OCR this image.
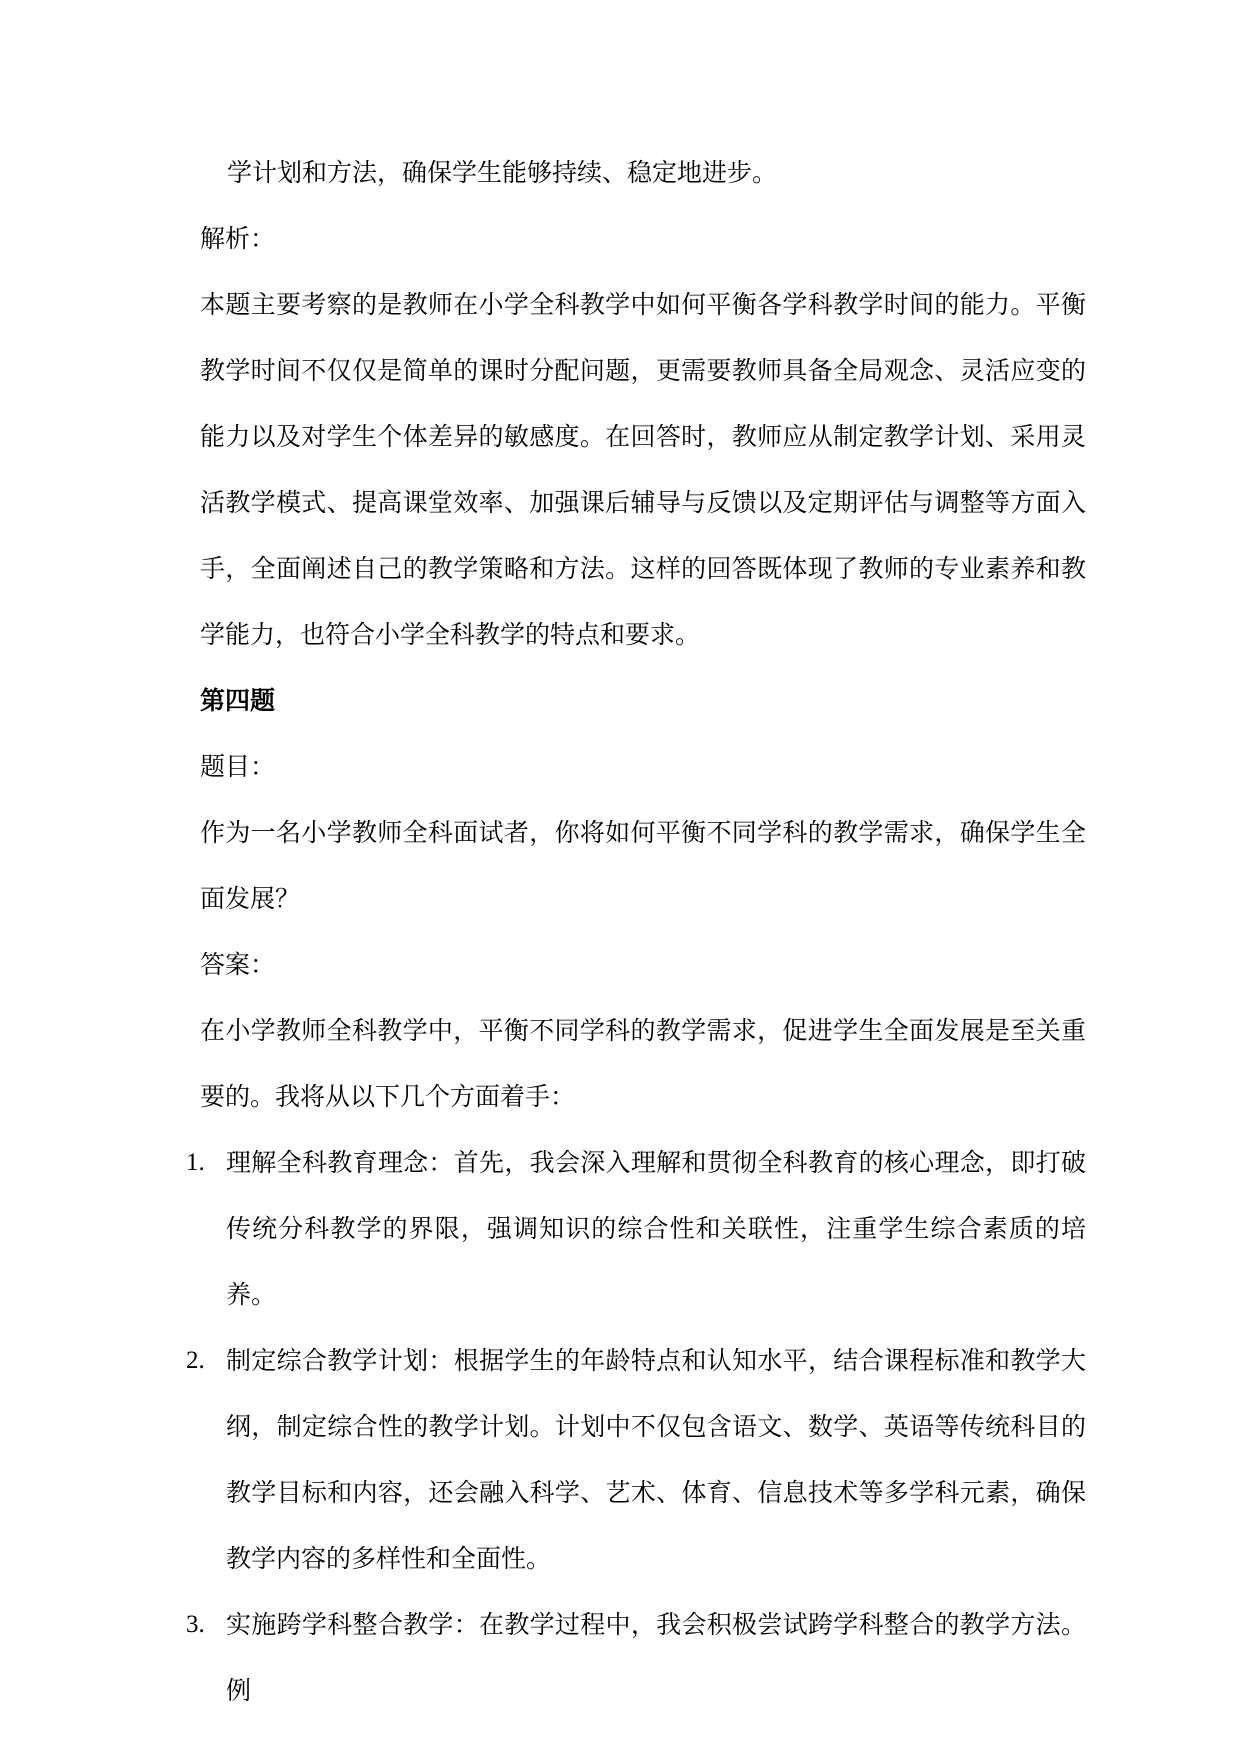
学计划和方法，确保学生能够持续、稳定地进步。
解析：
本题主要考察的是教师在小学全科教学中如何平衡各学科教学时间的能力。平衡教学时间不仅仅是简单的课时分配问题，更需要教师具备全局观念、灵活应变的能力以及对学生个体差异的敏感度。在回答时，教师应从制定教学计划、采用灵活教学模式、提高课堂效率、加强课后辅导与反馈以及定期评估与调整等方面入手，全面阐述自己的教学策略和方法。这样的回答既体现了教师的专业素养和教学能力，也符合小学全科教学的特点和要求。
第四题
题目：
作为一名小学教师全科面试者，你将如何平衡不同学科的教学需求，确保学生全面发展？
答案：
在小学教师全科教学中，平衡不同学科的教学需求，促进学生全面发展是至关重要的。我将从以下几个方面着手：
1. 理解全科教育理念：首先，我会深入理解和贯彻全科教育的核心理念，即打破传统分科教学的界限，强调知识的综合性和关联性，注重学生综合素质的培养。
2. 制定综合教学计划：根据学生的年龄特点和认知水平，结合课程标准和教学大纲，制定综合性的教学计划。计划中不仅包含语文、数学、英语等传统科目的教学目标和内容，还会融入科学、艺术、体育、信息技术等多学科元素，确保教学内容的多样性和全面性。
3. 实施跨学科整合教学：在教学过程中，我会积极尝试跨学科整合的教学方法。例
